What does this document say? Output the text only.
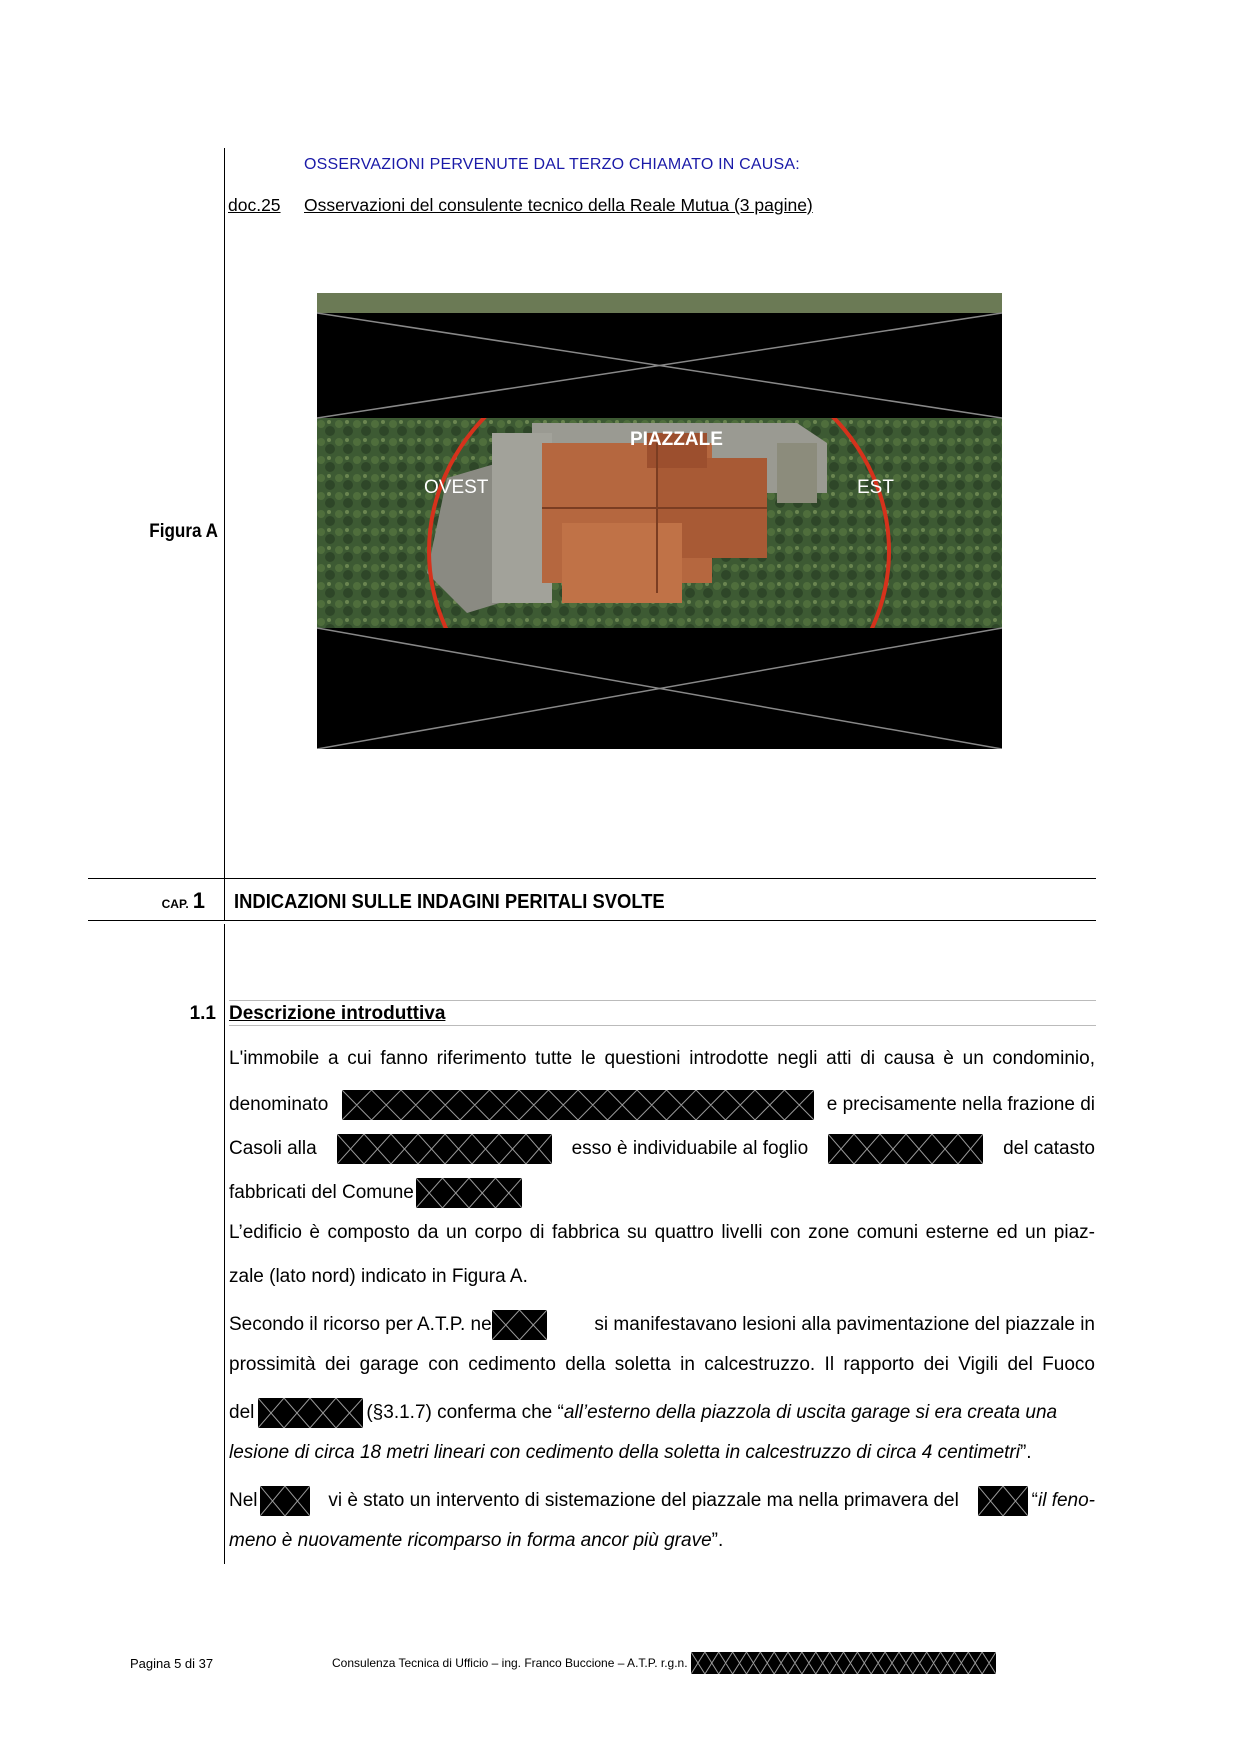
OSSERVAZIONI PERVENUTE DAL TERZO CHIAMATO IN CAUSA:
doc.25 Osservazioni del consulente tecnico della Reale Mutua (3 pagine)
Figura A
PIAZZALE
OVEST	EST
CAP. 1 INDICAZIONI SULLE INDAGINI PERITALI SVOLTE
1.1 Descrizione introduttiva
L'immobile a cui fanno riferimento tutte le questioni introdotte negli atti di causa è un condominio,
denominato	e precisamente nella frazione di
Casoli alla	esso è individuabile al foglio	del catasto
fabbricati del Comune
L’edificio è composto da un corpo di fabbrica su quattro livelli con zone comuni esterne ed un piaz-
zale (lato nord) indicato in Figura A.
Secondo il ricorso per A.T.P. ne	si manifestavano lesioni alla pavimentazione del piazzale in
prossimità dei garage con cedimento della soletta in calcestruzzo. Il rapporto dei Vigili del Fuoco
del	(§3.1.7) conferma che “ all’esterno della piazzola di uscita garage si era creata una
lesione di circa 18 metri lineari con cedimento della soletta in calcestruzzo di circa 4 centimetri”.
Nel	vi è stato un intervento di sistemazione del piazzale ma nella primavera del	“ il feno-
meno è nuovamente ricomparso in forma ancor più grave”.
Pagina 5 di 37	Consulenza Tecnica di Ufficio – ing. Franco Buccione – A.T.P. r.g.n.
